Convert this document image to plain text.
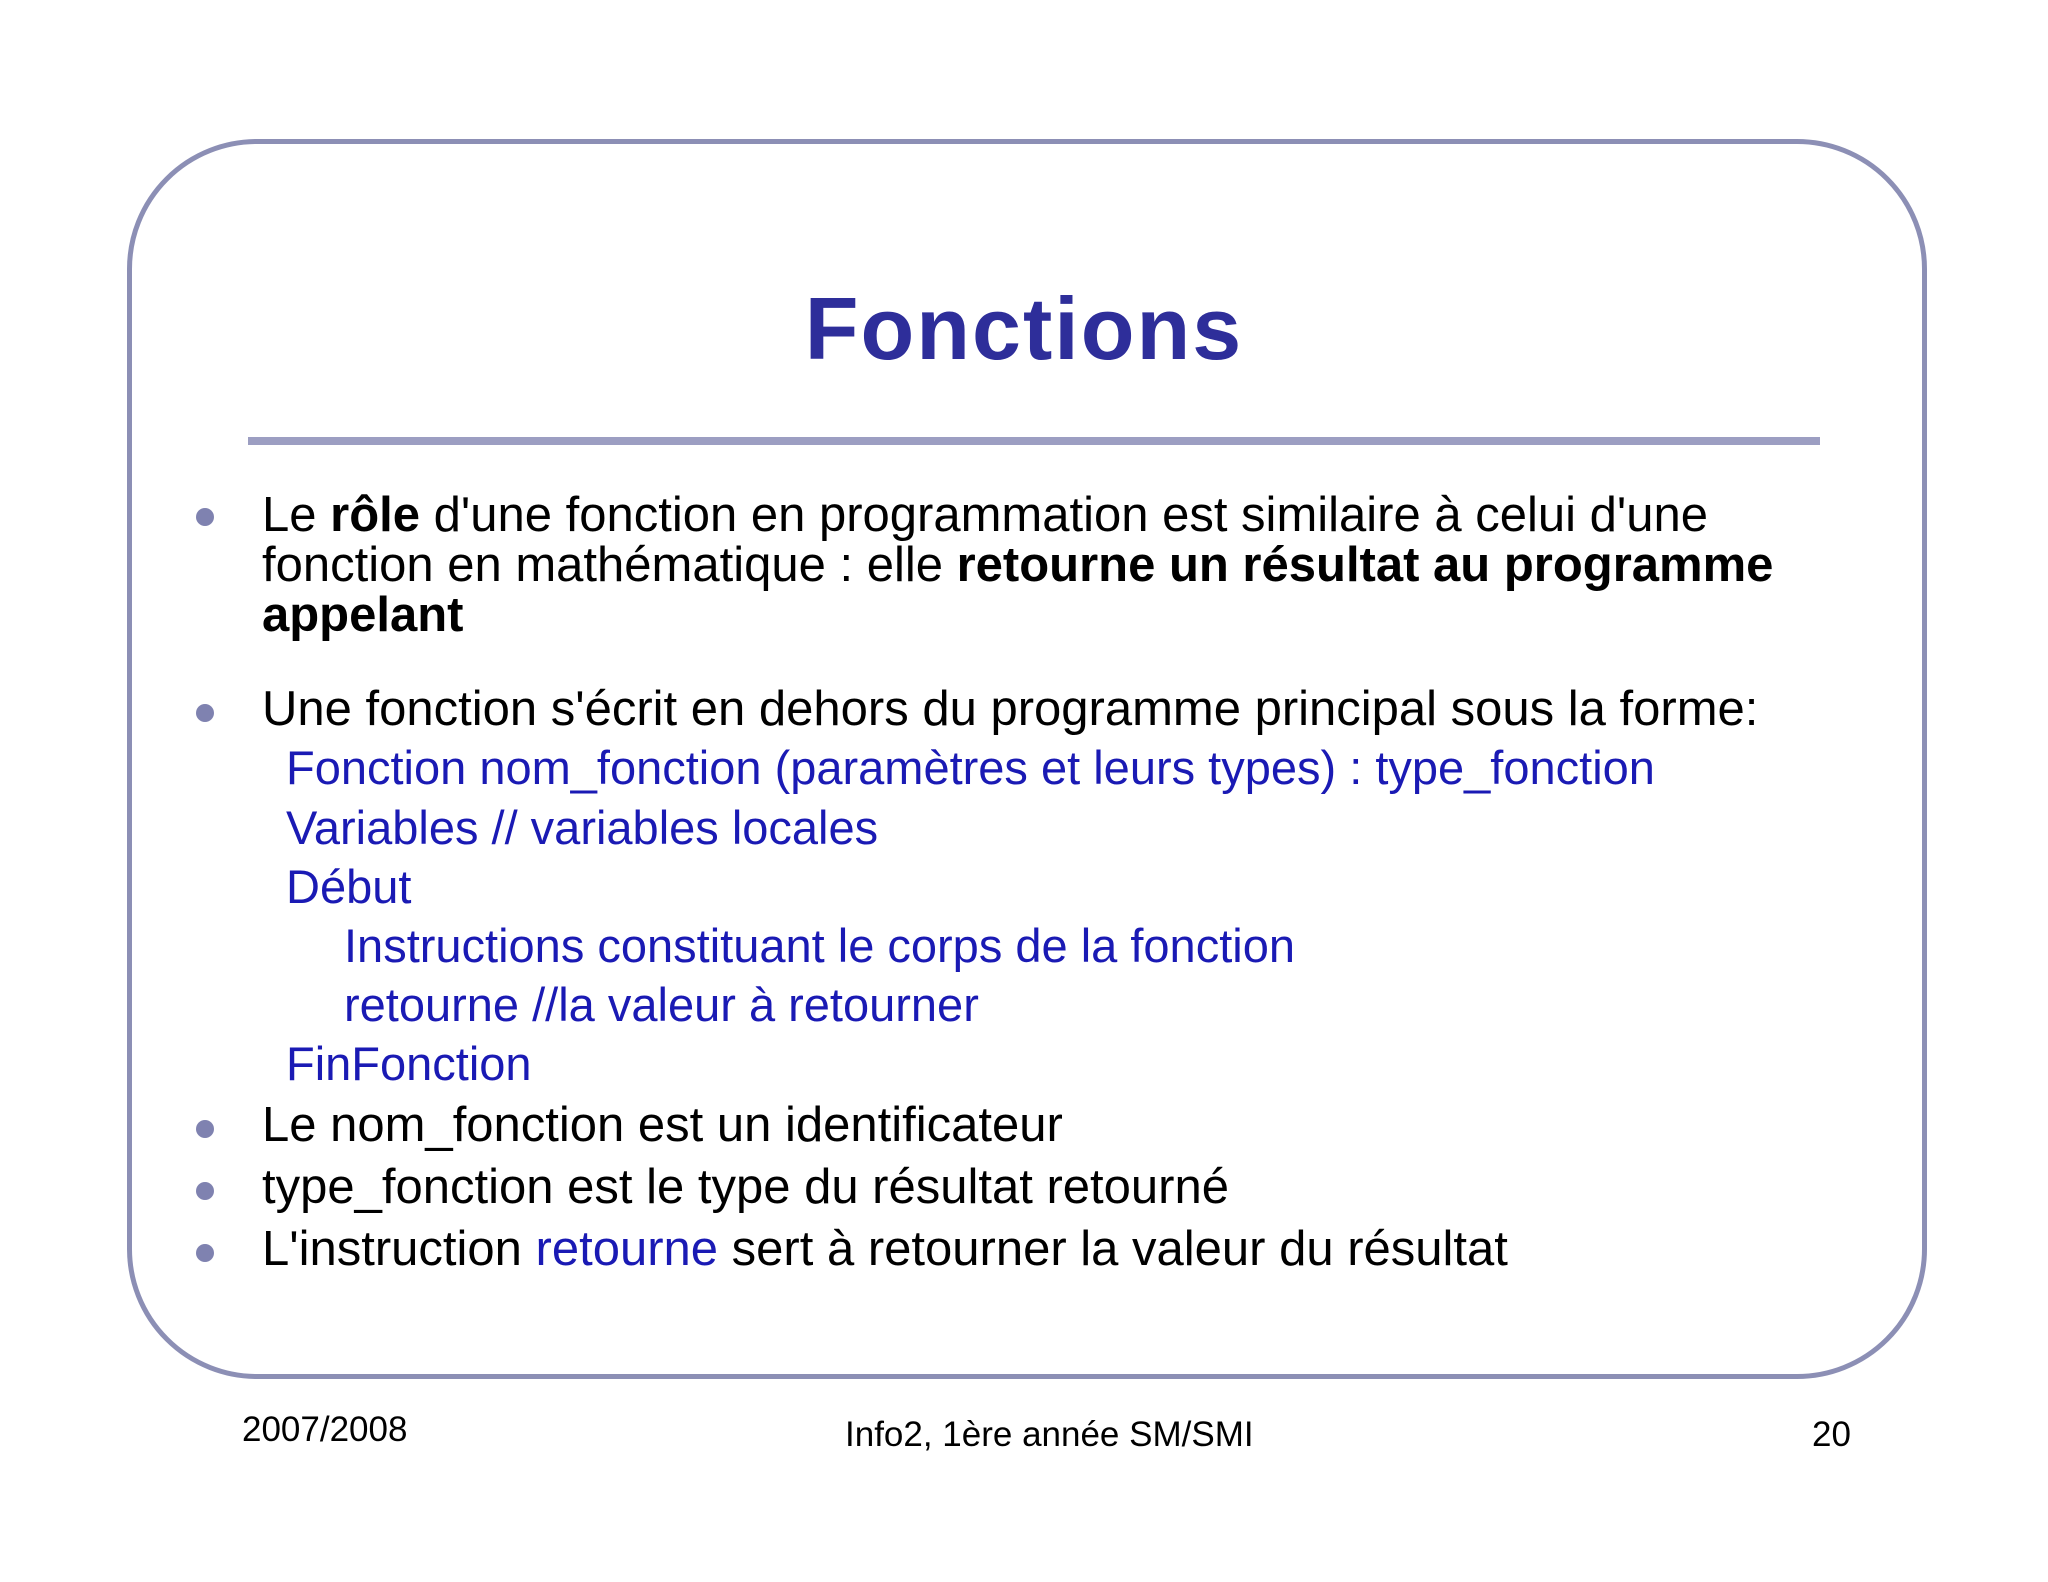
Fonctions
Le rôle d'une fonction en programmation est similaire à celui d'une
fonction en mathématique : elle retourne un résultat au programme
appelant
Une fonction s'écrit en dehors du programme principal sous la forme:
Fonction nom_fonction (paramètres et leurs types) : type_fonction
Variables // variables locales
Début
Instructions constituant le corps de la fonction
retourne //la valeur à retourner
FinFonction
Le nom_fonction est un identificateur
type_fonction est le type du résultat retourné
L'instruction retourne sert à retourner la valeur du résultat
2007/2008	Info2, 1ère année SM/SMI	20
